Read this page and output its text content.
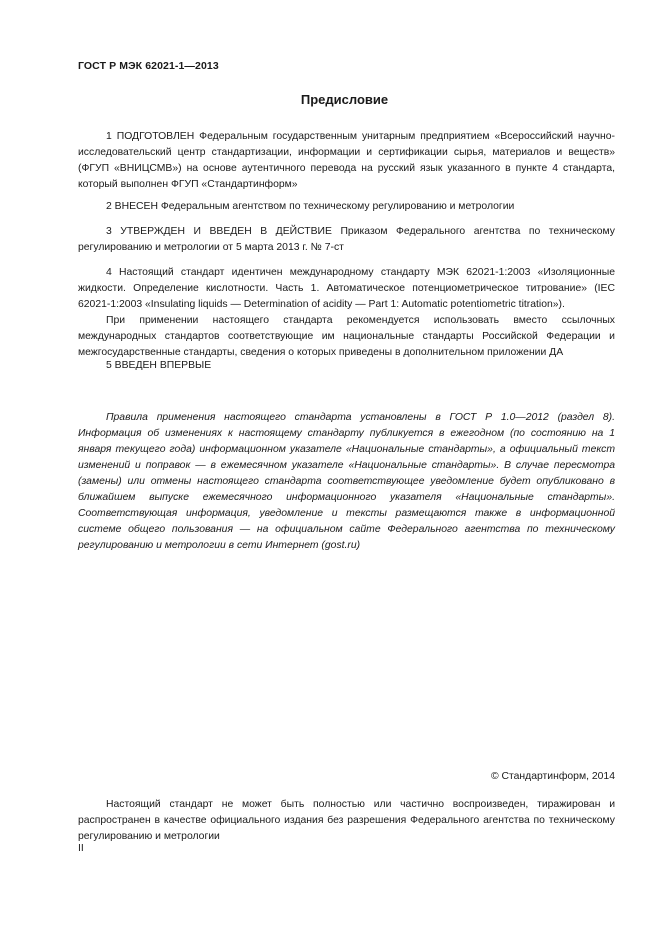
ГОСТ Р МЭК 62021-1—2013
Предисловие

1 ПОДГОТОВЛЕН Федеральным государственным унитарным предприятием «Всероссийский научно-исследовательский центр стандартизации, информации и сертификации сырья, материалов и веществ» (ФГУП «ВНИЦСМВ») на основе аутентичного перевода на русский язык указанного в пункте 4 стандарта, который выполнен ФГУП «Стандартинформ»

2 ВНЕСЕН Федеральным агентством по техническому регулированию и метрологии

3 УТВЕРЖДЕН И ВВЕДЕН В ДЕЙСТВИЕ Приказом Федерального агентства по техническому регулированию и метрологии от 5 марта 2013 г. № 7-ст

4 Настоящий стандарт идентичен международному стандарту МЭК 62021-1:2003 «Изоляционные жидкости. Определение кислотности. Часть 1. Автоматическое потенциометрическое титрование» (IEC 62021-1:2003 «Insulating liquids — Determination of acidity — Part 1: Automatic potentiometric titration»).

При применении настоящего стандарта рекомендуется использовать вместо ссылочных международных стандартов соответствующие им национальные стандарты Российской Федерации и межгосударственные стандарты, сведения о которых приведены в дополнительном приложении ДА

5 ВВЕДЕН ВПЕРВЫЕ

Правила применения настоящего стандарта установлены в ГОСТ Р 1.0—2012 (раздел 8). Информация об изменениях к настоящему стандарту публикуется в ежегодном (по состоянию на 1 января текущего года) информационном указателе «Национальные стандарты», а официальный текст изменений и поправок — в ежемесячном указателе «Национальные стандарты». В случае пересмотра (замены) или отмены настоящего стандарта соответствующее уведомление будет опубликовано в ближайшем выпуске ежемесячного информационного указателя «Национальные стандарты». Соответствующая информация, уведомление и тексты размещаются также в информационной системе общего пользования — на официальном сайте Федерального агентства по техническому регулированию и метрологии в сети Интернет (gost.ru)

© Стандартинформ, 2014

Настоящий стандарт не может быть полностью или частично воспроизведен, тиражирован и распространен в качестве официального издания без разрешения Федерального агентства по техническому регулированию и метрологии

II
